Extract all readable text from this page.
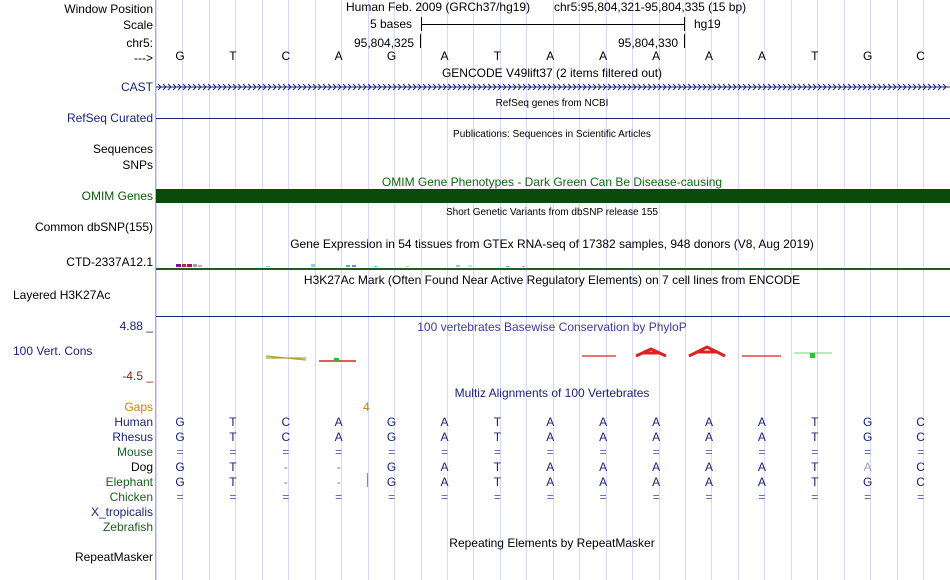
Window Position	Human Feb. 2009 (GRCh37/hg19) chr5:95,804,321-95,804,335 (15 bp)
Scale	5 bases	hg19
chr5:	95,804,325	95,804,330
--->	G	T	C	A	G	A	T	A	A	A	A	A	T	G	C
GENCODE V49lift37 (2 items filtered out)
CAST
RefSeq genes from NCBI
RefSeq Curated
Publications: Sequences in Scientific Articles
Sequences
SNPs
OMIM Gene Phenotypes - Dark Green Can Be Disease-causing
OMIM Genes
Short Genetic Variants from dbSNP release 155
Common dbSNP(155)
Gene Expression in 54 tissues from GTEx RNA-seq of 17382 samples, 948 donors (V8, Aug 2019)
CTD-2337A12.1
H3K27Ac Mark (Often Found Near Active Regulatory Elements) on 7 cell lines from ENCODE
Layered H3K27Ac
100 vertebrates Basewise Conservation by PhyloP
4.88 _
100 Vert. Cons
-4.5 _
Multiz Alignments of 100 Vertebrates
Gaps	4
Human	G	T	C	A	G	A	T	A	A	A	A	A	T	G	C
Rhesus	G	T	C	A	G	A	T	A	A	A	A	A	T	G	C
Mouse	=	=	=	=	=	=	=	=	=	=	=	=	=	=	=
Dog	G	T	-	-	G	A	T	A	A	A	A	A	T	A	C
Elephant	G	T	-	-	G	A	T	A	A	A	A	A	T	G	C
Chicken	=	=	=	=	=	=	=	=	=	=	=	=	=	=	=
X_tropicalis
Zebrafish
Repeating Elements by RepeatMasker
RepeatMasker
